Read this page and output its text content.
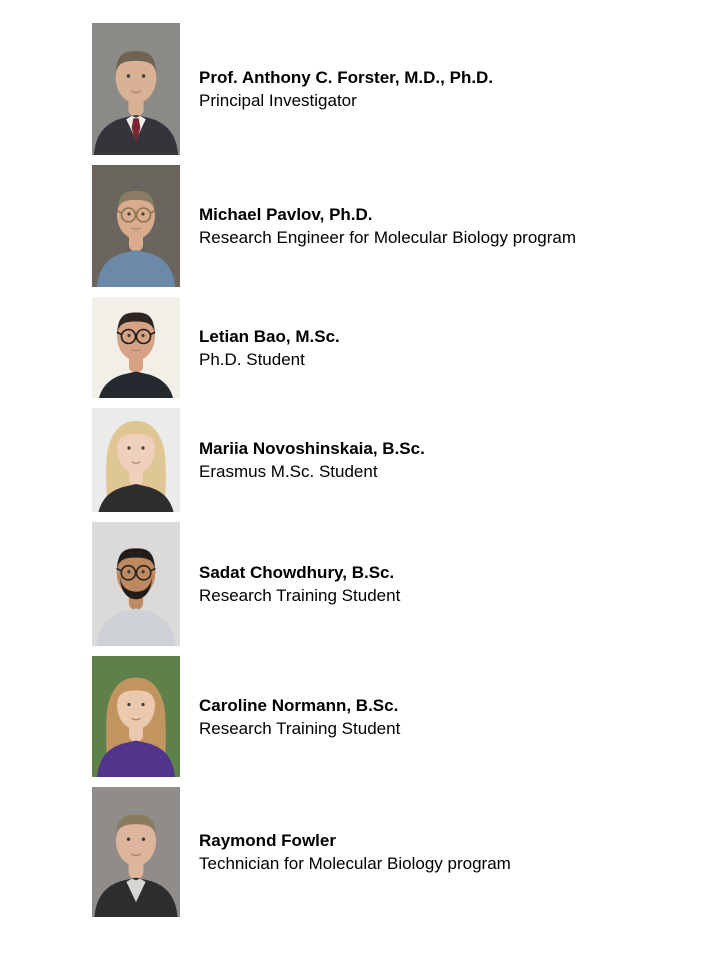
Prof. Anthony C. Forster, M.D., Ph.D.
Principal Investigator
Michael Pavlov, Ph.D.
Research Engineer for Molecular Biology program
Letian Bao, M.Sc.
Ph.D. Student
Mariia Novoshinskaia, B.Sc.
Erasmus M.Sc. Student
Sadat Chowdhury, B.Sc.
Research Training Student
Caroline Normann, B.Sc.
Research Training Student
Raymond Fowler
Technician for Molecular Biology program
